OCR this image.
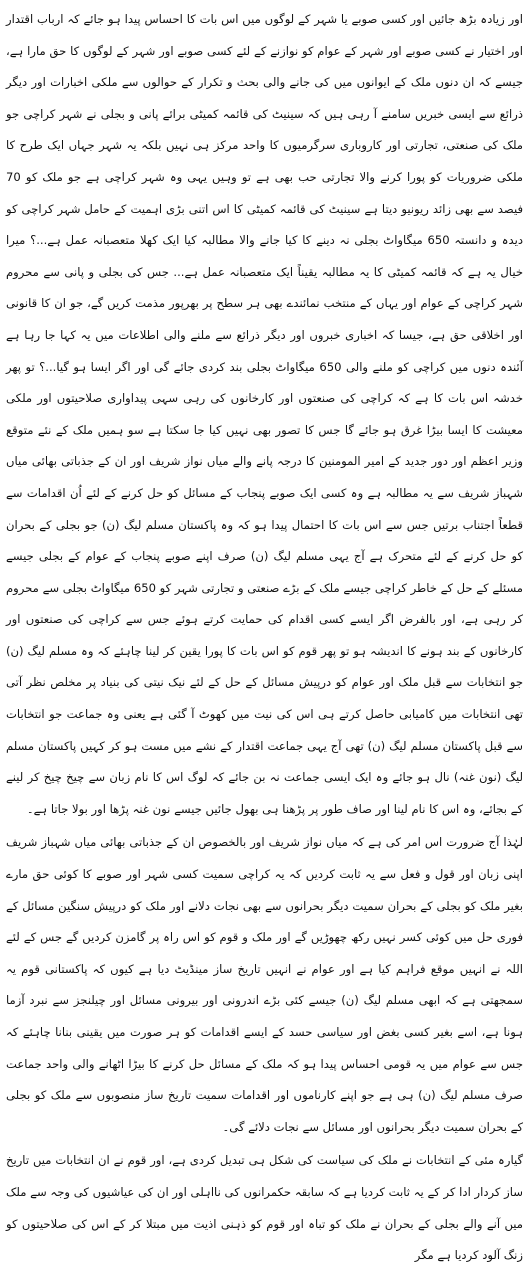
اور زیادہ بڑھ جائیں اور کسی صوبے یا شہر کے لوگوں میں اس بات کا احساس پیدا ہو جائے کہ ارباب اقتدار اور اختیار نے کسی صوبے اور شہر کے عوام کو نوازنے کے لئے کسی صوبے اور شہر کے لوگوں کا حق مارا ہے، جیسے کہ ان دنوں ملک کے ایوانوں میں کی جانے والی بحث و تکرار کے حوالوں سے ملکی اخبارات اور دیگر ذرائع سے ایسی خبریں سامنے آ رہی ہیں کہ سینیٹ کی قائمہ کمیٹی برائے پانی و بجلی نے شہر کراچی جو ملک کی صنعتی، تجارتی اور کاروباری سرگرمیوں کا واحد مرکز ہی نہیں بلکہ یہ شہر جہاں ایک طرح کا ملکی ضروریات کو پورا کرنے والا تجارتی حب بھی ہے تو وہیں یہی وہ شہر کراچی ہے جو ملک کو 70 فیصد سے بھی زائد ریونیو دیتا ہے سینیٹ کی قائمہ کمیٹی کا اس اتنی بڑی اہمیت کے حامل شہر کراچی کو دیدہ و دانستہ 650 میگاواٹ بجلی نہ دینے کا کیا جانے والا مطالبہ کیا ایک کھلا متعصبانہ عمل ہے...؟ میرا خیال یہ ہے کہ قائمہ کمیٹی کا یہ مطالبہ یقیناً ایک متعصبانہ عمل ہے... جس کی بجلی و پانی سے محروم شہر کراچی کے عوام اور یہاں کے منتخب نمائندے بھی ہر سطح پر بھرپور مذمت کریں گے، جو ان کا قانونی اور اخلاقی حق ہے، جیسا کہ اخباری خبروں اور دیگر ذرائع سے ملنے والی اطلاعات میں یہ کہا جا رہا ہے آئندہ دنوں میں کراچی کو ملنے والی 650 میگاواٹ بجلی بند کردی جائے گی اور اگر ایسا ہو گیا...؟ تو پھر خدشہ اس بات کا ہے کہ کراچی کی صنعتوں اور کارخانوں کی رہی سہی پیداواری صلاحیتوں اور ملکی معیشت کا ایسا بیڑا غرق ہو جائے گا جس کا تصور بھی نہیں کیا جا سکتا ہے سو ہمیں ملک کے نئے متوقع وزیر اعظم اور دور جدید کے امیر المومنین کا درجہ پانے والے میاں نواز شریف اور ان کے جذباتی بھائی میاں شہباز شریف سے یہ مطالبہ ہے وہ کسی ایک صوبے پنجاب کے مسائل کو حل کرنے کے لئے اُن اقدامات سے قطعاً اجتناب برتیں جس سے اس بات کا احتمال پیدا ہو کہ وہ پاکستان مسلم لیگ (ن) جو بجلی کے بحران کو حل کرنے کے لئے متحرک ہے آج یہی مسلم لیگ (ن) صرف اپنے صوبے پنجاب کے عوام کے بجلی جیسے مسئلے کے حل کے خاطر کراچی جیسے ملک کے بڑے صنعتی و تجارتی شہر کو 650 میگاواٹ بجلی سے محروم کر رہی ہے، اور بالفرض اگر ایسے کسی اقدام کی حمایت کرتے ہوئے جس سے کراچی کی صنعتوں اور کارخانوں کے بند ہونے کا اندیشہ ہو تو پھر قوم کو اس بات کا پورا یقین کر لینا چاہئے کہ وہ مسلم لیگ (ن) جو انتخابات سے قبل ملک اور عوام کو درپیش مسائل کے حل کے لئے نیک نیتی کی بنیاد پر مخلص نظر آتی تھی انتخابات میں کامیابی حاصل کرتے ہی اس کی نیت میں کھوٹ آ گئی ہے یعنی وہ جماعت جو انتخابات سے قبل پاکستان مسلم لیگ (ن) تھی آج یہی جماعت اقتدار کے نشے میں مست ہو کر کہیں پاکستان مسلم لیگ (نون غنہ) نال ہو جائے وہ ایک ایسی جماعت نہ بن جائے کہ لوگ اس کا نام زبان سے چیخ چیخ کر لینے کے بجائے، وہ اس کا نام لینا اور صاف طور پر پڑھنا ہی بھول جائیں جیسے نون غنہ پڑھا اور بولا جاتا ہے۔

لہٰذا آج ضرورت اس امر کی ہے کہ میاں نواز شریف اور بالخصوص ان کے جذباتی بھائی میاں شہباز شریف اپنی زبان اور قول و فعل سے یہ ثابت کردیں کہ یہ کراچی سمیت کسی شہر اور صوبے کا کوئی حق مارے بغیر ملک کو بجلی کے بحران سمیت دیگر بحرانوں سے بھی نجات دلانے اور ملک کو درپیش سنگین مسائل کے فوری حل میں کوئی کسر نہیں رکھ چھوڑیں گے اور ملک و قوم کو اس راہ پر گامزن کردیں گے جس کے لئے اللہ نے انہیں موقع فراہم کیا ہے اور عوام نے انہیں تاریخ ساز مینڈیٹ دیا ہے کیوں کہ پاکستانی قوم یہ سمجھتی ہے کہ ابھی مسلم لیگ (ن) جیسے کئی بڑے اندرونی اور بیرونی مسائل اور چیلنجز سے نبرد آزما ہونا ہے، اسے بغیر کسی بغض اور سیاسی حسد کے ایسے اقدامات کو ہر صورت میں یقینی بنانا چاہئے کہ جس سے عوام میں یہ قومی احساس پیدا ہو کہ ملک کے مسائل حل کرنے کا بیڑا اٹھانے والی واحد جماعت صرف مسلم لیگ (ن) ہی ہے جو اپنے کارناموں اور اقدامات سمیت تاریخ ساز منصوبوں سے ملک کو بجلی کے بحران سمیت دیگر بحرانوں اور مسائل سے نجات دلائے گی۔

گیارہ مئی کے انتخابات نے ملک کی سیاست کی شکل ہی تبدیل کردی ہے، اور قوم نے ان انتخابات میں تاریخ ساز کردار ادا کر کے یہ ثابت کردیا ہے کہ سابقہ حکمرانوں کی نااہلی اور ان کی عیاشیوں کی وجہ سے ملک میں آنے والے بجلی کے بحران نے ملک کو تباہ اور قوم کو ذہنی اذیت میں مبتلا کر کے اس کی صلاحیتوں کو زنگ آلود کردیا ہے مگر
